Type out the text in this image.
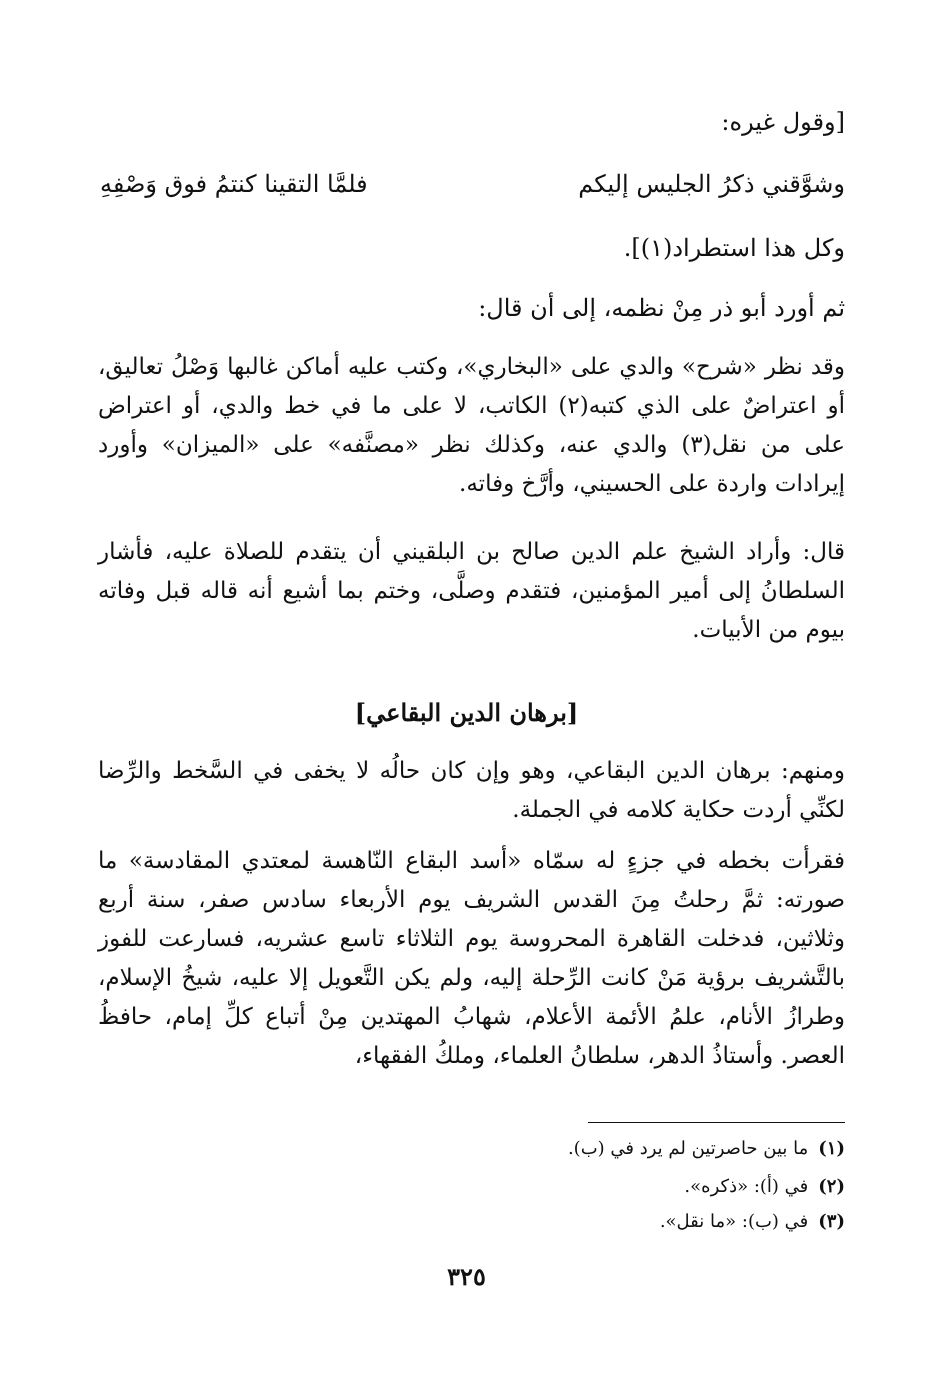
[وقول غيره:
وشوَّقني ذكرُ الجليس إليكم
فلمَّا التقينا كنتمُ فوق وَصْفِهِ
وكل هذا استطراد(١)].
ثم أورد أبو ذر مِنْ نظمه، إلى أن قال:
وقد نظر «شرح» والدي على «البخاري»، وكتب عليه أماكن غالبها وَصْلُ تعاليق، أو اعتراضٌ على الذي كتبه(٢) الكاتب، لا على ما في خط والدي، أو اعتراض على من نقل(٣) والدي عنه، وكذلك نظر «مصنَّفه» على «الميزان» وأورد إيرادات واردة على الحسيني، وأرَّخ وفاته.
قال: وأراد الشيخ علم الدين صالح بن البلقيني أن يتقدم للصلاة عليه، فأشار السلطانُ إلى أمير المؤمنين، فتقدم وصلَّى، وختم بما أشيع أنه قاله قبل وفاته بيوم من الأبيات.
[برهان الدين البقاعي]
ومنهم: برهان الدين البقاعي، وهو وإن كان حالُه لا يخفى في السَّخط والرِّضا لكنِّي أردت حكاية كلامه في الجملة.
فقرأت بخطه في جزءٍ له سمّاه «أسد البقاع النّاهسة لمعتدي المقادسة» ما صورته: ثمَّ رحلتُ مِنَ القدس الشريف يوم الأربعاء سادس صفر، سنة أربع وثلاثين، فدخلت القاهرة المحروسة يوم الثلاثاء تاسع عشريه، فسارعت للفوز بالتَّشريف برؤية مَنْ كانت الرِّحلة إليه، ولم يكن التَّعويل إلا عليه، شيخُ الإسلام، وطرازُ الأنام، علمُ الأئمة الأعلام، شهابُ المهتدين مِنْ أتباع كلِّ إمام، حافظُ العصر. وأستاذُ الدهر، سلطانُ العلماء، وملكُ الفقهاء،
(١)ما بين حاصرتين لم يرد في (ب).
(٢)في (أ): «ذكره».
(٣)في (ب): «ما نقل».
٣٢٥
